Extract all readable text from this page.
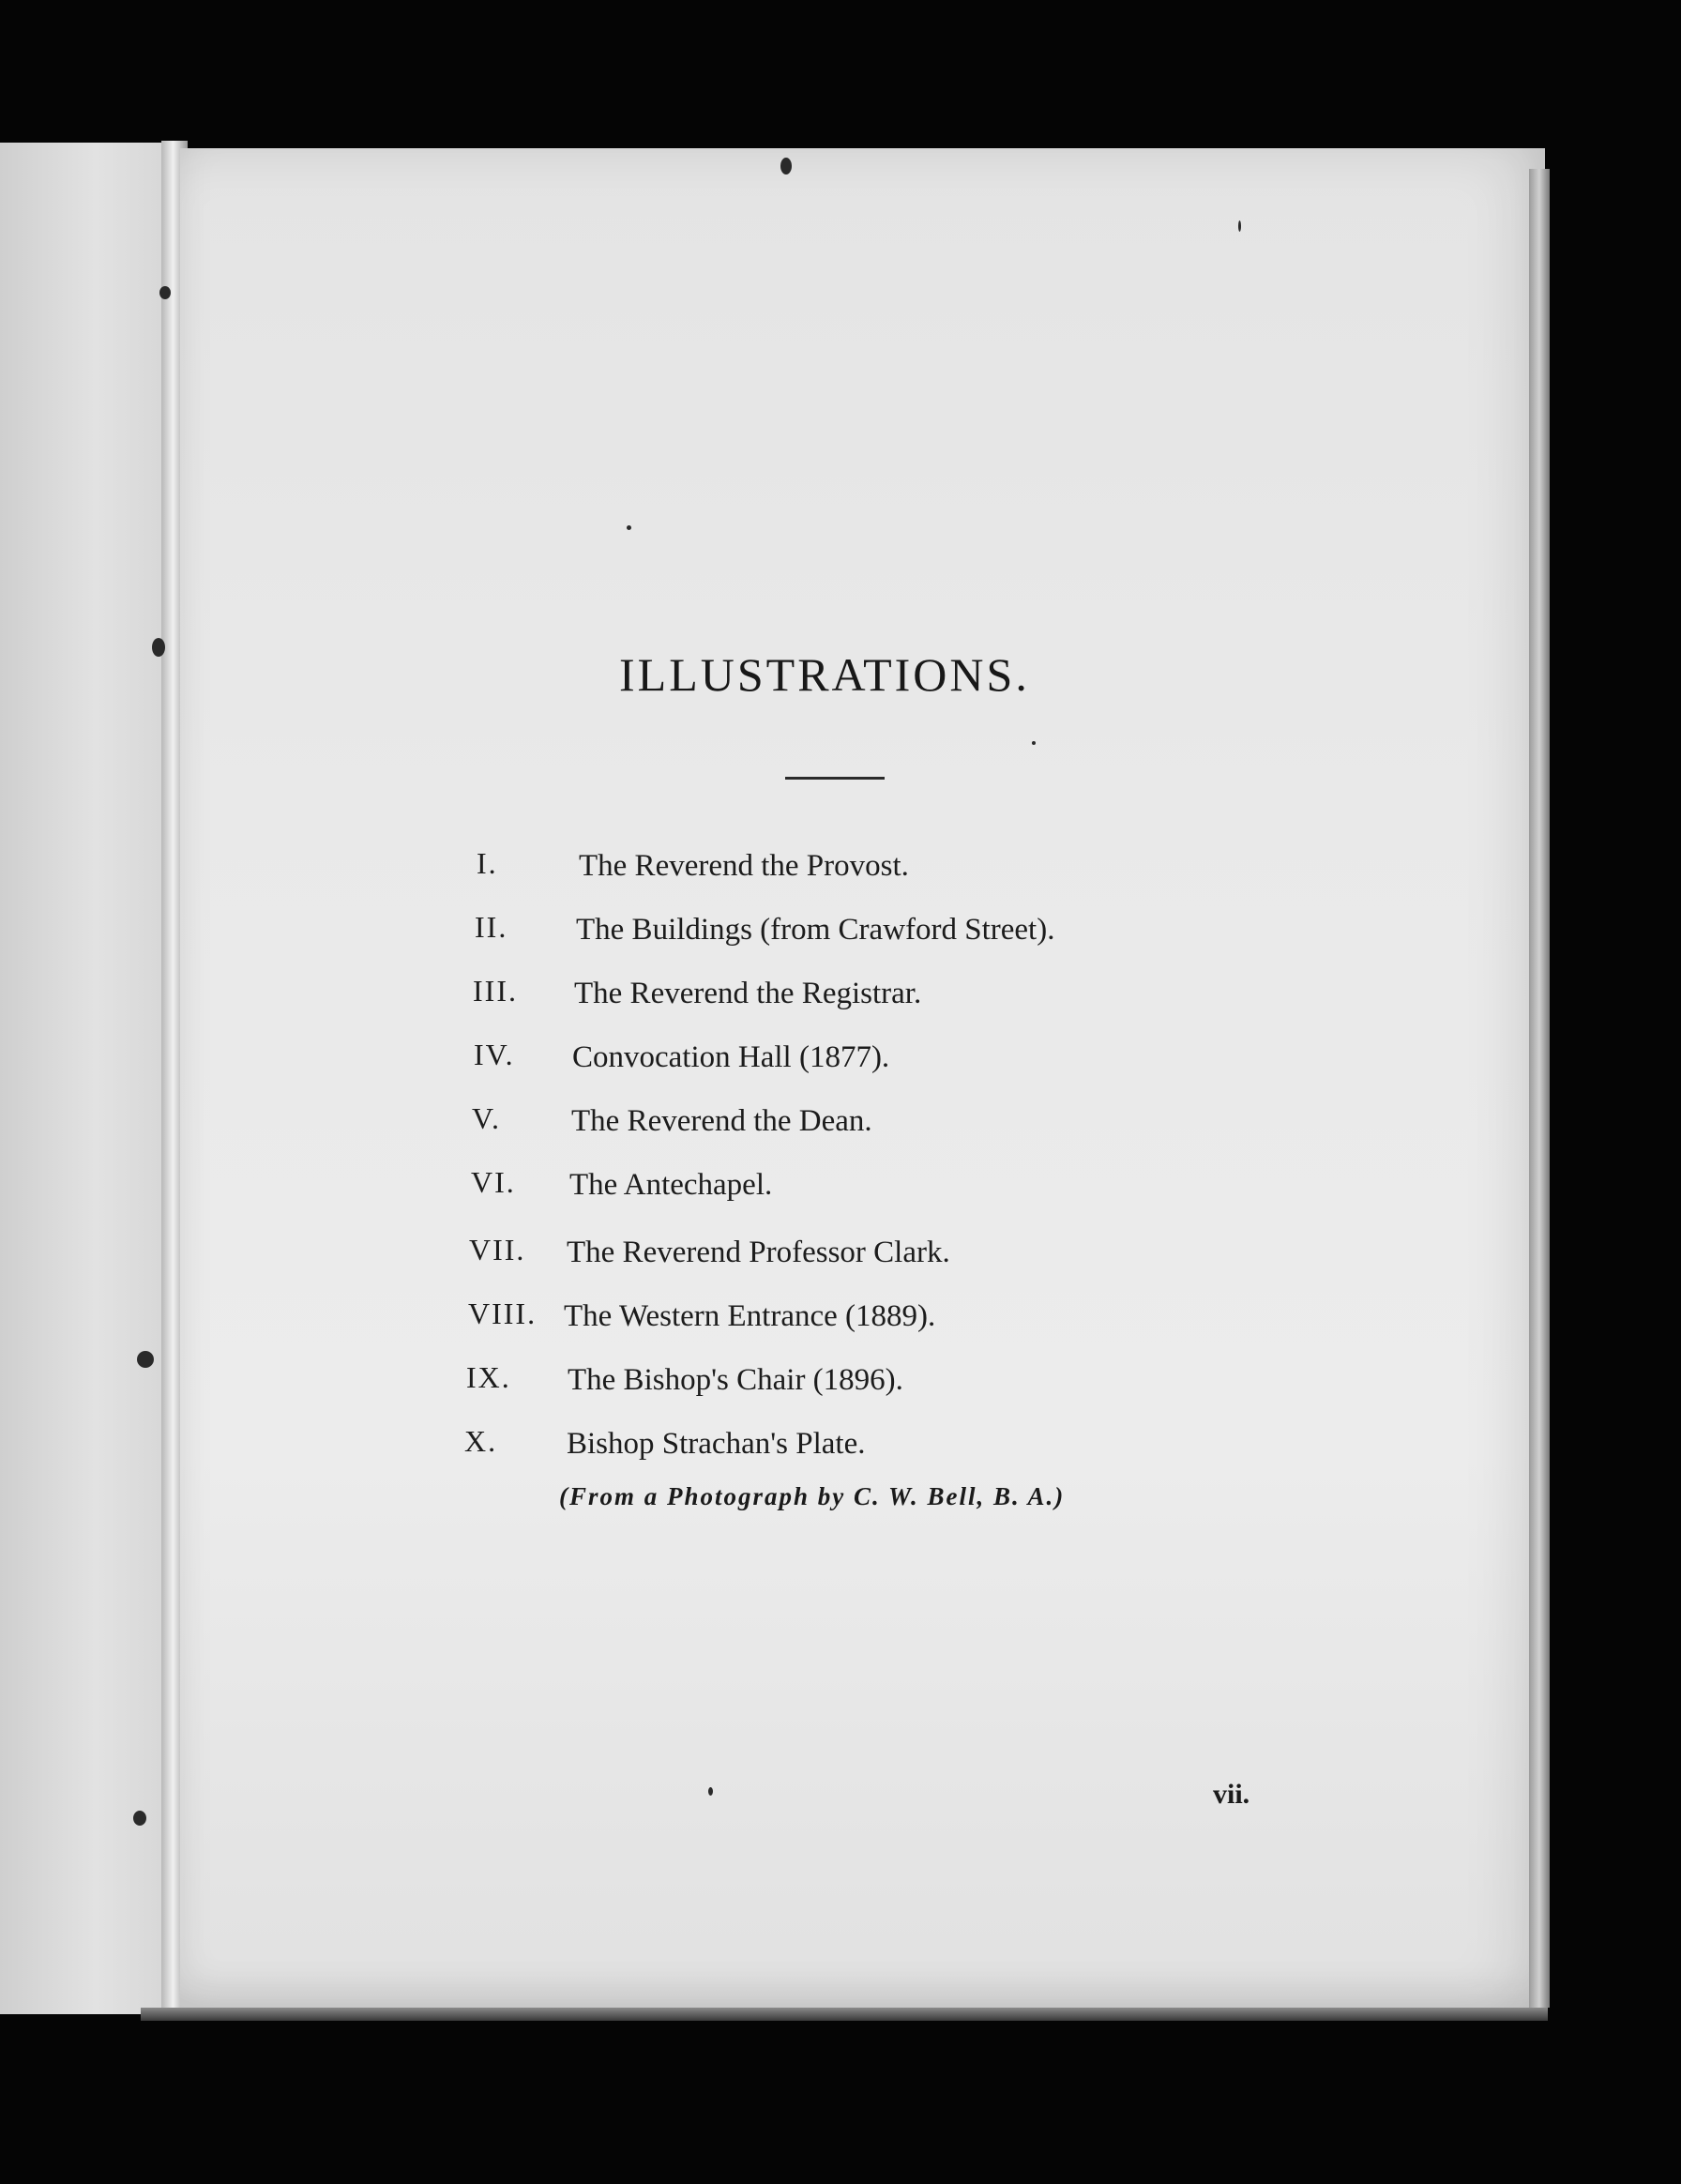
ILLUSTRATIONS.
I.	The Reverend the Provost.
II. The Buildings (from Crawford Street).
III. The Reverend the Registrar.
IV. Convocation Hall (1877).
V. The Reverend the Dean.
VI. The Antechapel.
VII. The Reverend Professor Clark.
VIII. The Western Entrance (1889).
IX. The Bishop's Chair (1896).
X. Bishop Strachan's Plate.
(From a Photograph by C. W. Bell, B. A.)
vii.
